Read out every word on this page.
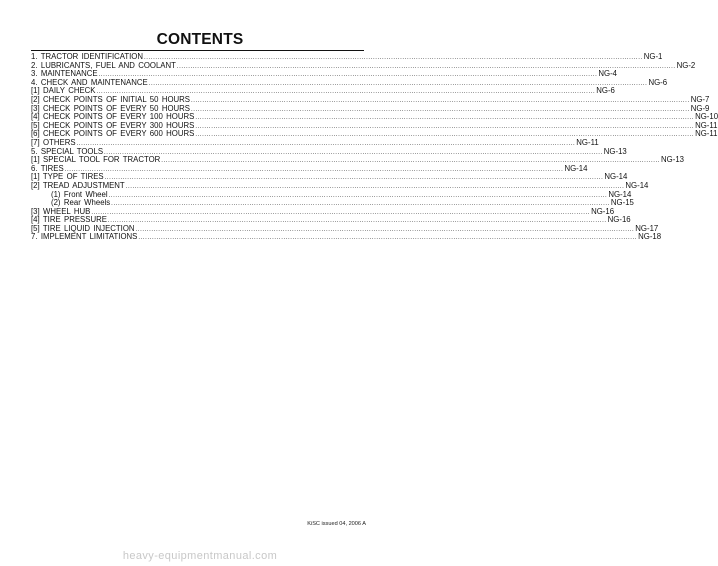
CONTENTS
1. TRACTOR IDENTIFICATION ............................................................................................................................................................................................................................ NG-1
2. LUBRICANTS, FUEL AND COOLANT ............................................................................................................................................................................................................................ NG-2
3. MAINTENANCE ............................................................................................................................................................................................................................ NG-4
4. CHECK AND MAINTENANCE ............................................................................................................................................................................................................................ NG-6
[1] DAILY CHECK ............................................................................................................................................................................................................................ NG-6
[2] CHECK POINTS OF INITIAL 50 HOURS ............................................................................................................................................................................................................................ NG-7
[3] CHECK POINTS OF EVERY 50 HOURS ............................................................................................................................................................................................................................ NG-9
[4] CHECK POINTS OF EVERY 100 HOURS ............................................................................................................................................................................................................................ NG-10
[5] CHECK POINTS OF EVERY 300 HOURS ............................................................................................................................................................................................................................ NG-11
[6] CHECK POINTS OF EVERY 600 HOURS ............................................................................................................................................................................................................................ NG-11
[7] OTHERS ............................................................................................................................................................................................................................ NG-11
5. SPECIAL TOOLS ............................................................................................................................................................................................................................ NG-13
[1] SPECIAL TOOL FOR TRACTOR ............................................................................................................................................................................................................................ NG-13
6. TIRES ............................................................................................................................................................................................................................ NG-14
[1] TYPE OF TIRES ............................................................................................................................................................................................................................ NG-14
[2] TREAD ADJUSTMENT ............................................................................................................................................................................................................................ NG-14
(1) Front Wheel ............................................................................................................................................................................................................................ NG-14
(2) Rear Wheels ............................................................................................................................................................................................................................ NG-15
[3] WHEEL HUB ............................................................................................................................................................................................................................ NG-16
[4] TIRE PRESSURE ............................................................................................................................................................................................................................ NG-16
[5] TIRE LIQUID INJECTION ............................................................................................................................................................................................................................ NG-17
7. IMPLEMENT LIMITATIONS ............................................................................................................................................................................................................................ NG-18
KiSC issued 04, 2006 A
heavy-equipmentmanual.com
